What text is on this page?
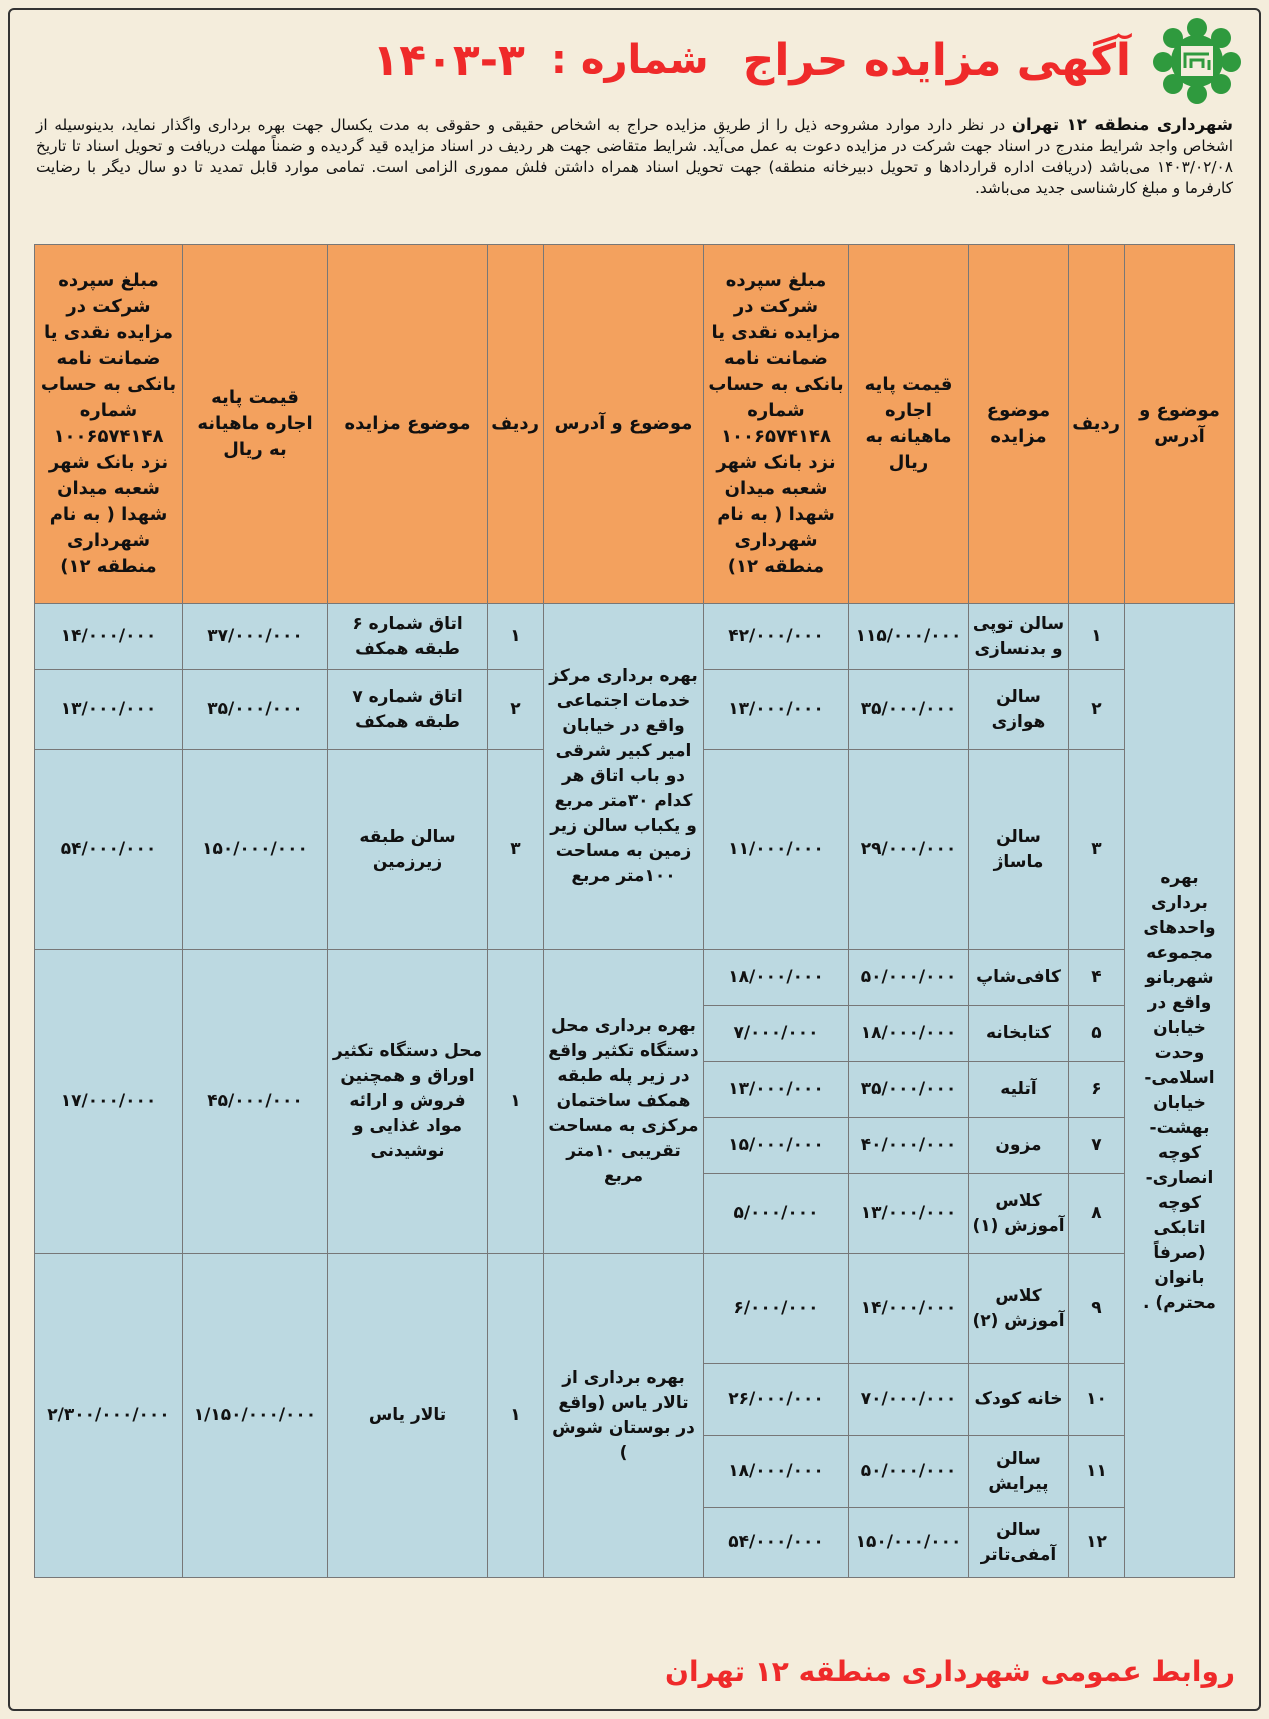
آگهی مزایده حراج
شماره :
۱۴۰۳-۳
شهرداری منطقه ۱۲ تهران در نظر دارد موارد مشروحه ذیل را از طریق مزایده حراج به اشخاص حقیقی و حقوقی به مدت یکسال جهت بهره برداری واگذار نماید، بدینوسیله از اشخاص واجد شرایط مندرج در اسناد جهت شرکت در مزایده دعوت به عمل می‌آید. شرایط متقاضی جهت هر ردیف در اسناد مزایده قید گردیده و ضمناً مهلت دریافت و تحویل اسناد تا تاریخ ۱۴۰۳/۰۲/۰۸ می‌باشد (دریافت اداره قراردادها و تحویل دبیرخانه منطقه) جهت تحویل اسناد همراه داشتن فلش مموری الزامی است. تمامی موارد قابل تمدید تا دو سال دیگر با رضایت کارفرما و مبلغ کارشناسی جدید می‌باشد.
موضوع و آدرس	ردیف	موضوع مزایده	قیمت پایه اجاره ماهیانه به ریال	مبلغ سپرده شرکت در مزایده نقدی یا ضمانت نامه بانکی به حساب شماره ۱۰۰۶۵۷۴۱۴۸ نزد بانک شهر شعبه میدان شهدا ( به نام شهرداری منطقه ۱۲)	موضوع و آدرس	ردیف	موضوع مزایده	قیمت پایه اجاره ماهیانه به ریال	مبلغ سپرده شرکت در مزایده نقدی یا ضمانت نامه بانکی به حساب شماره ۱۰۰۶۵۷۴۱۴۸ نزد بانک شهر شعبه میدان شهدا ( به نام شهرداری منطقه ۱۲)
بهره برداری واحدهای مجموعه شهربانو واقع در خیابان وحدت اسلامی- خیابان بهشت- کوچه انصاری- کوچه اتابکی (صرفاً بانوان محترم) .	۱	سالن توپی و بدنسازی	۱۱۵/۰۰۰/۰۰۰	۴۲/۰۰۰/۰۰۰	بهره برداری مرکز خدمات اجتماعی واقع در خیابان امیر کبیر شرقی دو باب اتاق هر کدام ۳۰متر مربع و یکباب سالن زیر زمین به مساحت ۱۰۰متر مربع	۱	اتاق شماره ۶ طبقه همکف	۳۷/۰۰۰/۰۰۰	۱۴/۰۰۰/۰۰۰
	۲	سالن هوازی	۳۵/۰۰۰/۰۰۰	۱۳/۰۰۰/۰۰۰		۲	اتاق شماره ۷ طبقه همکف	۳۵/۰۰۰/۰۰۰	۱۳/۰۰۰/۰۰۰
	۳	سالن ماساژ	۲۹/۰۰۰/۰۰۰	۱۱/۰۰۰/۰۰۰		۳	سالن طبقه زیرزمین	۱۵۰/۰۰۰/۰۰۰	۵۴/۰۰۰/۰۰۰
	۴	کافی‌شاپ	۵۰/۰۰۰/۰۰۰	۱۸/۰۰۰/۰۰۰	بهره برداری محل دستگاه تکثیر واقع در زیر پله طبقه همکف ساختمان مرکزی به مساحت تقریبی ۱۰متر مربع	۱	محل دستگاه تکثیر اوراق و همچنین فروش و ارائه مواد غذایی و نوشیدنی	۴۵/۰۰۰/۰۰۰	۱۷/۰۰۰/۰۰۰
	۵	کتابخانه	۱۸/۰۰۰/۰۰۰	۷/۰۰۰/۰۰۰					
	۶	آتلیه	۳۵/۰۰۰/۰۰۰	۱۳/۰۰۰/۰۰۰					
	۷	مزون	۴۰/۰۰۰/۰۰۰	۱۵/۰۰۰/۰۰۰					
	۸	کلاس آموزش (۱)	۱۳/۰۰۰/۰۰۰	۵/۰۰۰/۰۰۰					
	۹	کلاس آموزش (۲)	۱۴/۰۰۰/۰۰۰	۶/۰۰۰/۰۰۰	بهره برداری از تالار یاس (واقع در بوستان شوش )	۱	تالار یاس	۱/۱۵۰/۰۰۰/۰۰۰	۲/۳۰۰/۰۰۰/۰۰۰
	۱۰	خانه کودک	۷۰/۰۰۰/۰۰۰	۲۶/۰۰۰/۰۰۰					
	۱۱	سالن پیرایش	۵۰/۰۰۰/۰۰۰	۱۸/۰۰۰/۰۰۰					
	۱۲	سالن آمفی‌تاتر	۱۵۰/۰۰۰/۰۰۰	۵۴/۰۰۰/۰۰۰					
روابط عمومی شهرداری منطقه ۱۲ تهران
